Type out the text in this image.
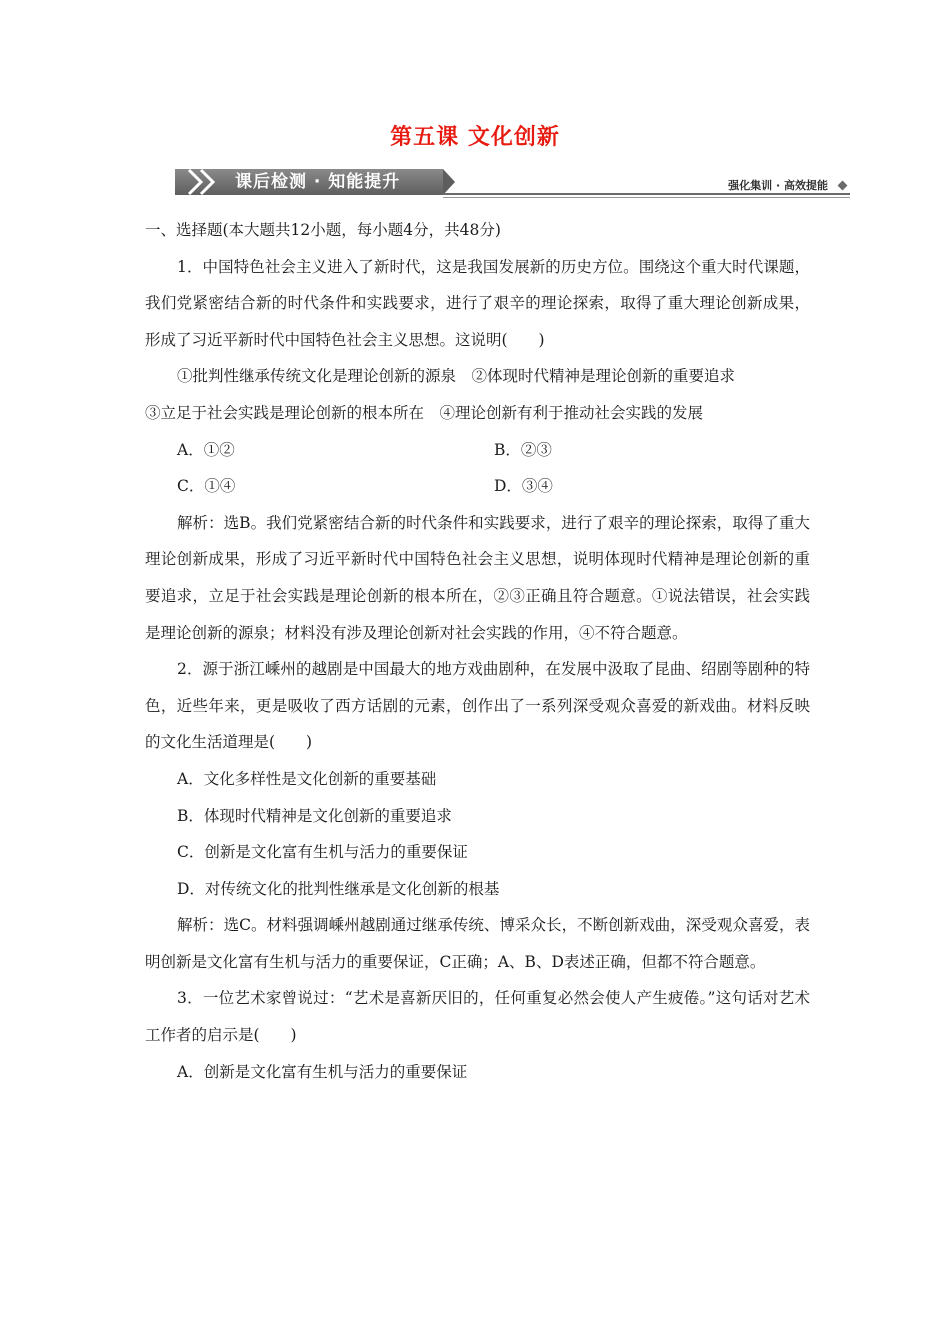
第五课 文化创新
课后检测 · 知能提升	强化集训 · 高效提能

一、选择题(本大题共12小题，每小题4分，共48分)

1．中国特色社会主义进入了新时代，这是我国发展新的历史方位。围绕这个重大时代课题，我们党紧密结合新的时代条件和实践要求，进行了艰辛的理论探索，取得了重大理论创新成果，形成了习近平新时代中国特色社会主义思想。这说明(　　)

①批判性继承传统文化是理论创新的源泉　②体现时代精神是理论创新的重要追求

③立足于社会实践是理论创新的根本所在　④理论创新有利于推动社会实践的发展

A．①②	B．②③
C．①④	D．③④

解析：选B。我们党紧密结合新的时代条件和实践要求，进行了艰辛的理论探索，取得了重大理论创新成果，形成了习近平新时代中国特色社会主义思想，说明体现时代精神是理论创新的重要追求，立足于社会实践是理论创新的根本所在，②③正确且符合题意。①说法错误，社会实践是理论创新的源泉；材料没有涉及理论创新对社会实践的作用，④不符合题意。

2．源于浙江嵊州的越剧是中国最大的地方戏曲剧种，在发展中汲取了昆曲、绍剧等剧种的特色，近些年来，更是吸收了西方话剧的元素，创作出了一系列深受观众喜爱的新戏曲。材料反映的文化生活道理是(　　)

A．文化多样性是文化创新的重要基础

B．体现时代精神是文化创新的重要追求

C．创新是文化富有生机与活力的重要保证

D．对传统文化的批判性继承是文化创新的根基

解析：选C。材料强调嵊州越剧通过继承传统、博采众长，不断创新戏曲，深受观众喜爱，表明创新是文化富有生机与活力的重要保证，C正确；A、B、D表述正确，但都不符合题意。

3．一位艺术家曾说过：“艺术是喜新厌旧的，任何重复必然会使人产生疲倦。”这句话对艺术工作者的启示是(　　)

A．创新是文化富有生机与活力的重要保证
